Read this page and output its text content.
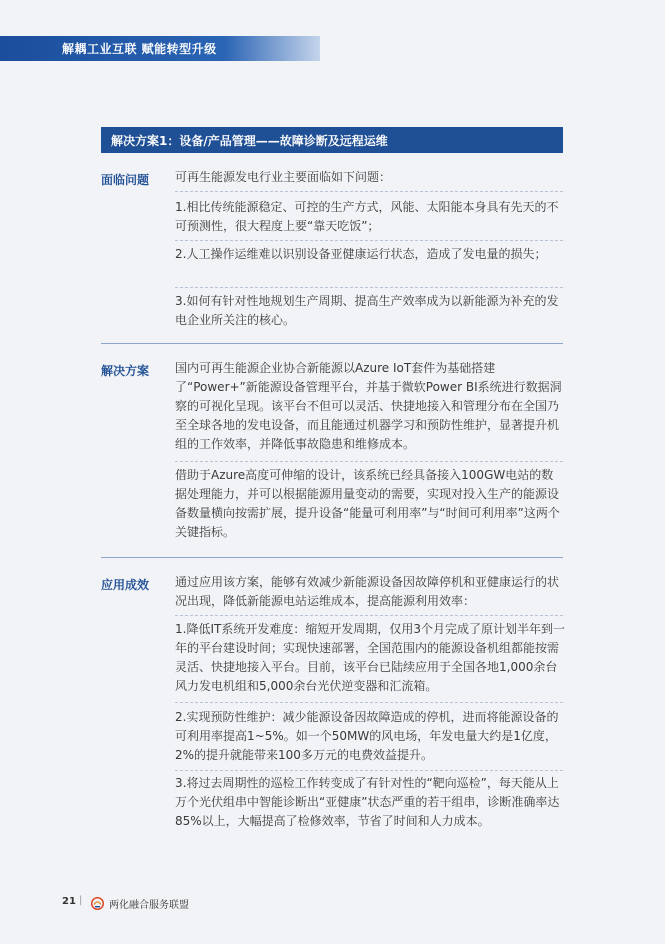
解耦工业互联 赋能转型升级
解决方案1：设备/产品管理——故障诊断及远程运维
面临问题 可再生能源发电行业主要面临如下问题：
1.相比传统能源稳定、可控的生产方式，风能、太阳能本身具有先天的不可预测性，很大程度上要“靠天吃饭”；
2.人工操作运维难以识别设备亚健康运行状态，造成了发电量的损失；
3.如何有针对性地规划生产周期、提高生产效率成为以新能源为补充的发电企业所关注的核心。
解决方案 国内可再生能源企业协合新能源以Azure IoT套件为基础搭建了“Power+”新能源设备管理平台，并基于微软Power BI系统进行数据洞察的可视化呈现。该平台不但可以灵活、快捷地接入和管理分布在全国乃至全球各地的发电设备，而且能通过机器学习和预防性维护，显著提升机组的工作效率，并降低事故隐患和维修成本。
借助于Azure高度可伸缩的设计，该系统已经具备接入100GW电站的数据处理能力，并可以根据能源用量变动的需要，实现对投入生产的能源设备数量横向按需扩展，提升设备“能量可利用率”与“时间可利用率”这两个关键指标。
应用成效 通过应用该方案，能够有效减少新能源设备因故障停机和亚健康运行的状况出现，降低新能源电站运维成本，提高能源利用效率：
1.降低IT系统开发难度：缩短开发周期，仅用3个月完成了原计划半年到一年的平台建设时间；实现快速部署，全国范围内的能源设备机组都能按需灵活、快捷地接入平台。目前，该平台已陆续应用于全国各地1,000余台风力发电机组和5,000余台光伏逆变器和汇流箱。
2.实现预防性维护：减少能源设备因故障造成的停机，进而将能源设备的可利用率提高1~5%。如一个50MW的风电场，年发电量大约是1亿度，2%的提升就能带来100多万元的电费效益提升。
3.将过去周期性的巡检工作转变成了有针对性的“靶向巡检”，每天能从上万个光伏组串中智能诊断出“亚健康”状态严重的若干组串，诊断准确率达85%以上，大幅提高了检修效率，节省了时间和人力成本。
21 |	两化融合服务联盟
